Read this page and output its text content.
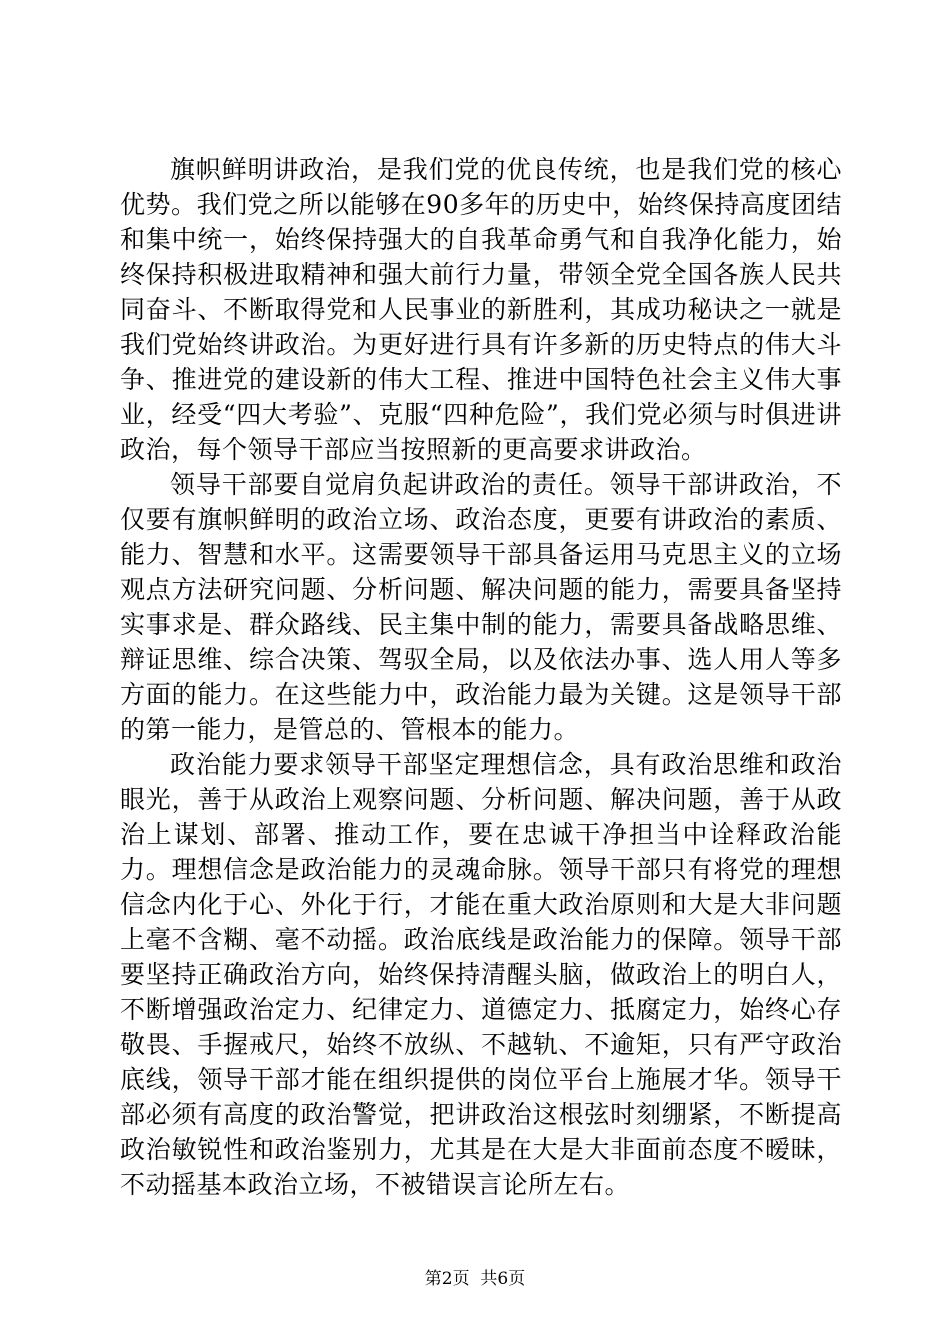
旗帜鲜明讲政治，是我们党的优良传统，也是我们党的核心优势。我们党之所以能够在90多年的历史中，始终保持高度团结和集中统一，始终保持强大的自我革命勇气和自我净化能力，始终保持积极进取精神和强大前行力量，带领全党全国各族人民共同奋斗、不断取得党和人民事业的新胜利，其成功秘诀之一就是我们党始终讲政治。为更好进行具有许多新的历史特点的伟大斗争、推进党的建设新的伟大工程、推进中国特色社会主义伟大事业，经受“四大考验”、克服“四种危险”，我们党必须与时俱进讲政治，每个领导干部应当按照新的更高要求讲政治。

领导干部要自觉肩负起讲政治的责任。领导干部讲政治，不仅要有旗帜鲜明的政治立场、政治态度，更要有讲政治的素质、能力、智慧和水平。这需要领导干部具备运用马克思主义的立场观点方法研究问题、分析问题、解决问题的能力，需要具备坚持实事求是、群众路线、民主集中制的能力，需要具备战略思维、辩证思维、综合决策、驾驭全局，以及依法办事、选人用人等多方面的能力。在这些能力中，政治能力最为关键。这是领导干部的第一能力，是管总的、管根本的能力。

政治能力要求领导干部坚定理想信念，具有政治思维和政治眼光，善于从政治上观察问题、分析问题、解决问题，善于从政治上谋划、部署、推动工作，要在忠诚干净担当中诠释政治能力。理想信念是政治能力的灵魂命脉。领导干部只有将党的理想信念内化于心、外化于行，才能在重大政治原则和大是大非问题上毫不含糊、毫不动摇。政治底线是政治能力的保障。领导干部要坚持正确政治方向，始终保持清醒头脑，做政治上的明白人，不断增强政治定力、纪律定力、道德定力、抵腐定力，始终心存敬畏、手握戒尺，始终不放纵、不越轨、不逾矩，只有严守政治底线，领导干部才能在组织提供的岗位平台上施展才华。领导干部必须有高度的政治警觉，把讲政治这根弦时刻绷紧，不断提高政治敏锐性和政治鉴别力，尤其是在大是大非面前态度不暧昧，不动摇基本政治立场，不被错误言论所左右。

第2页  共6页
